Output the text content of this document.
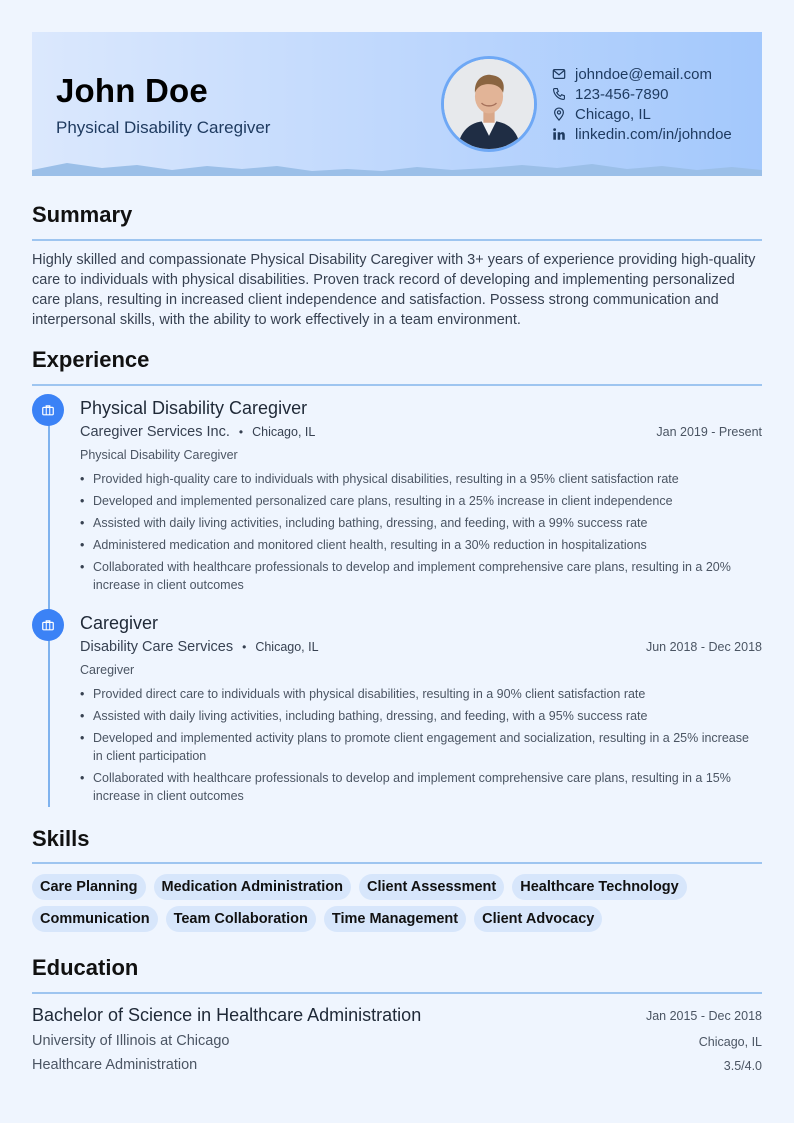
John Doe
Physical Disability Caregiver
johndoe@email.com
123-456-7890
Chicago, IL
linkedin.com/in/johndoe
Summary

Highly skilled and compassionate Physical Disability Caregiver with 3+ years of experience providing high-quality care to individuals with physical disabilities. Proven track record of developing and implementing personalized care plans, resulting in increased client independence and satisfaction. Possess strong communication and interpersonal skills, with the ability to work effectively in a team environment.

Experience
Physical Disability Caregiver
Caregiver Services Inc. • Chicago, IL	Jan 2019 - Present
Physical Disability Caregiver
• Provided high-quality care to individuals with physical disabilities, resulting in a 95% client satisfaction rate
• Developed and implemented personalized care plans, resulting in a 25% increase in client independence
• Assisted with daily living activities, including bathing, dressing, and feeding, with a 99% success rate
• Administered medication and monitored client health, resulting in a 30% reduction in hospitalizations
• Collaborated with healthcare professionals to develop and implement comprehensive care plans, resulting in a 20% increase in client outcomes
Caregiver
Disability Care Services • Chicago, IL	Jun 2018 - Dec 2018
Caregiver
• Provided direct care to individuals with physical disabilities, resulting in a 90% client satisfaction rate
• Assisted with daily living activities, including bathing, dressing, and feeding, with a 95% success rate
• Developed and implemented activity plans to promote client engagement and socialization, resulting in a 25% increase in client participation
• Collaborated with healthcare professionals to develop and implement comprehensive care plans, resulting in a 15% increase in client outcomes
Skills
Care Planning	Medication Administration	Client Assessment	Healthcare Technology
Communication	Team Collaboration	Time Management	Client Advocacy
Education
Bachelor of Science in Healthcare Administration	Jan 2015 - Dec 2018
University of Illinois at Chicago	Chicago, IL
Healthcare Administration	3.5/4.0
